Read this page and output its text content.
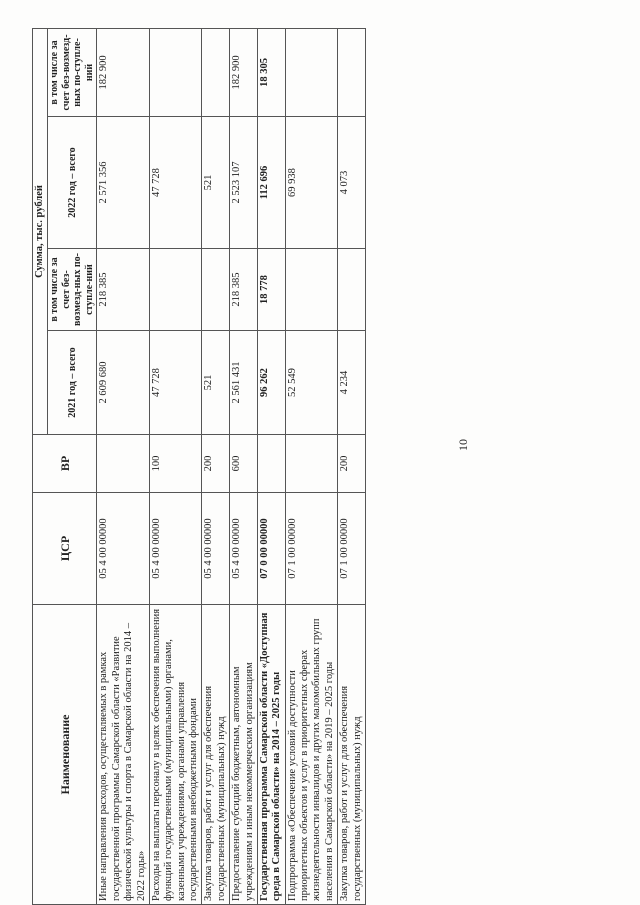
10
Наименование	ЦСР	ВР	Сумма, тыс. рублей			
			2021 год – всего	в том числе за счет без-возмезд-ных по-ступле-ний	2022 год – всего	в том числе за счет без-возмезд-ных по-ступле-ний
Иные направления расходов, осуществляемых в рамках государственной программы Самарской области «Развитие физической культуры и спорта в Самарской области на 2014 – 2022 годы»	05 4 00 00000		2 609 680	218 385	2 571 356	182 900
Расходы на выплаты персоналу в целях обеспечения выполнения функций государственными (муниципальными) органами, казенными учреждениями, органами управления государственными внебюджетными фондами	05 4 00 00000	100	47 728		47 728	
Закупка товаров, работ и услуг для обеспечения государственных (муниципальных) нужд	05 4 00 00000	200	521		521	
Предоставление субсидий бюджетным, автономным учреждениям и иным некоммерческим организациям	05 4 00 00000	600	2 561 431	218 385	2 523 107	182 900
Государственная программа Самарской области «Доступная среда в Самарской области» на 2014 – 2025 годы	07 0 00 00000		96 262	18 778	112 696	18 305
Подпрограмма «Обеспечение условий доступности приоритетных объектов и услуг в приоритетных сферах жизнедеятельности инвалидов и других маломобильных групп населения в Самарской области» на 2019 – 2025 годы	07 1 00 00000		52 549		69 938	
Закупка товаров, работ и услуг для обеспечения государственных (муниципальных) нужд	07 1 00 00000	200	4 234		4 073	
